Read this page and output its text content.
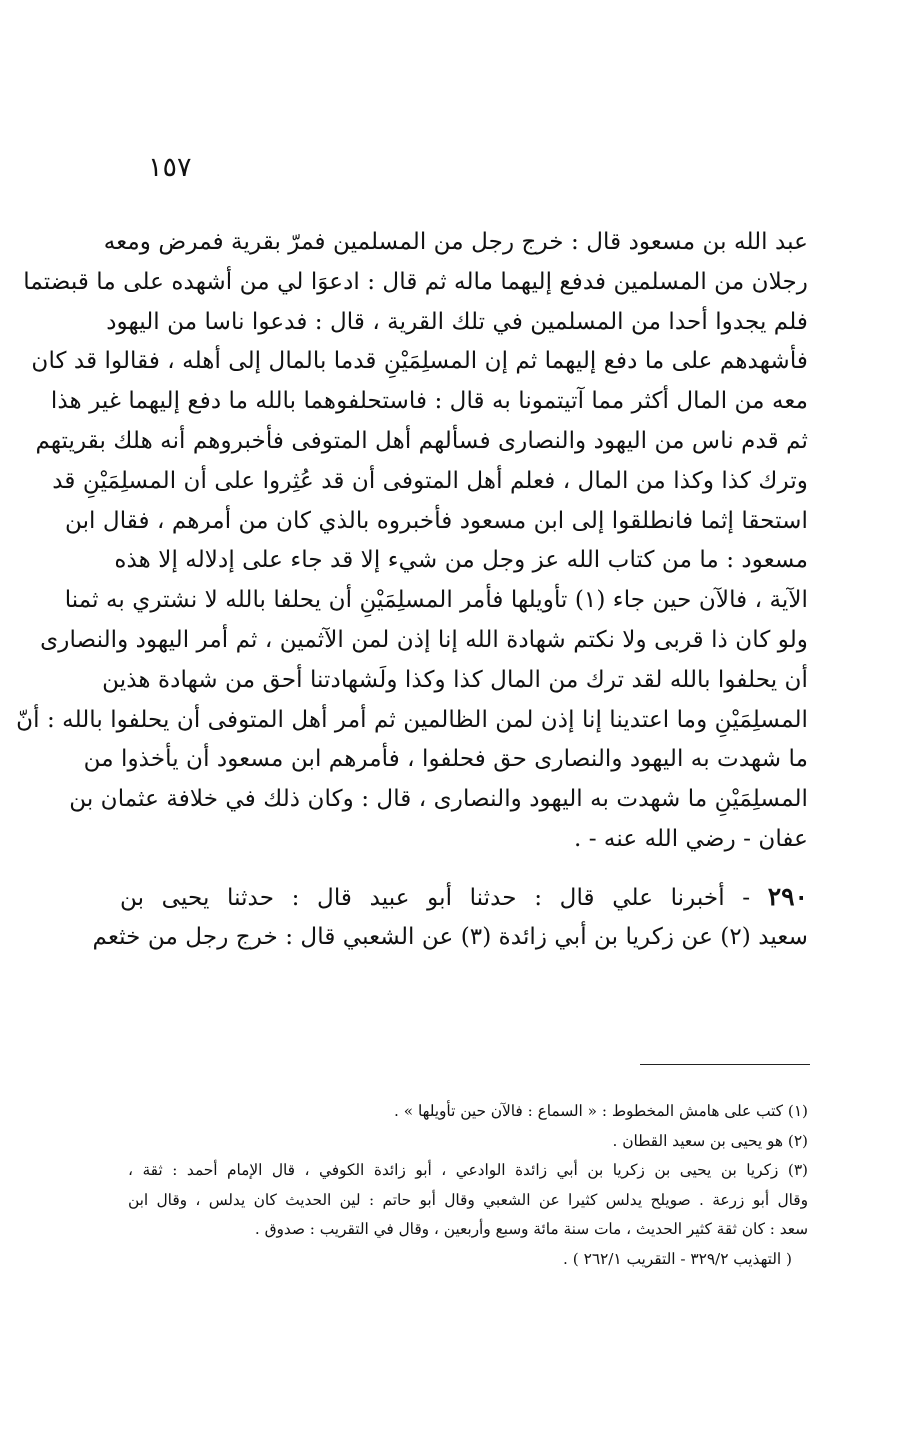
١٥٧
عبد الله بن مسعود قال : خرج رجل من المسلمين فمرّ بقرية فمرض ومعه
رجلان من المسلمين فدفع إليهما ماله ثم قال : ادعوَا لي من أشهده على ما قبضتما
فلم يجدوا أحدا من المسلمين في تلك القرية ، قال : فدعوا ناسا من اليهود
فأشهدهم على ما دفع إليهما ثم إن المسلِمَيْنِ قدما بالمال إلى أهله ، فقالوا قد كان
معه من المال أكثر مما آتيتمونا به قال : فاستحلفوهما بالله ما دفع إليهما غير هذا
ثم قدم ناس من اليهود والنصارى فسألهم أهل المتوفى فأخبروهم أنه هلك بقريتهم
وترك كذا وكذا من المال ، فعلم أهل المتوفى أن قد عُثِروا على أن المسلِمَيْنِ قد
استحقا إثما فانطلقوا إلى ابن مسعود فأخبروه بالذي كان من أمرهم ، فقال ابن
مسعود : ما من كتاب الله عز وجل من شيء إلا قد جاء على إدلاله إلا هذه
الآية ، فالآن حين جاء (١) تأويلها فأمر المسلِمَيْنِ أن يحلفا بالله لا نشتري به ثمنا
ولو كان ذا قربى ولا نكتم شهادة الله إنا إذن لمن الآثمين ، ثم أمر اليهود والنصارى
أن يحلفوا بالله لقد ترك من المال كذا وكذا ولَشهادتنا أحق من شهادة هذين
المسلِمَيْنِ وما اعتدينا إنا إذن لمن الظالمين ثم أمر أهل المتوفى أن يحلفوا بالله : أنّ
ما شهدت به اليهود والنصارى حق فحلفوا ، فأمرهم ابن مسعود أن يأخذوا من
المسلِمَيْنِ ما شهدت به اليهود والنصارى ، قال : وكان ذلك في خلافة عثمان بن
عفان - رضي الله عنه - .
٢٩٠ - أخبرنا علي قال : حدثنا أبو عبيد قال : حدثنا يحيى بن
سعيد (٢) عن زكريا بن أبي زائدة (٣) عن الشعبي قال : خرج رجل من خثعم
(١) كتب على هامش المخطوط : « السماع : فالآن حين تأويلها » .
(٢) هو يحيى بن سعيد القطان .
(٣) زكريا بن يحيى بن زكريا بن أبي زائدة الوادعي ، أبو زائدة الكوفي ، قال الإمام أحمد : ثقة ،
وقال أبو زرعة . صويلح يدلس كثيرا عن الشعبي وقال أبو حاتم : لين الحديث كان يدلس ، وقال ابن
سعد : كان ثقة كثير الحديث ، مات سنة مائة وسبع وأربعين ، وقال في التقريب : صدوق .
( التهذيب ٣٢٩/٢ - التقريب ٢٦٢/١ ) .
